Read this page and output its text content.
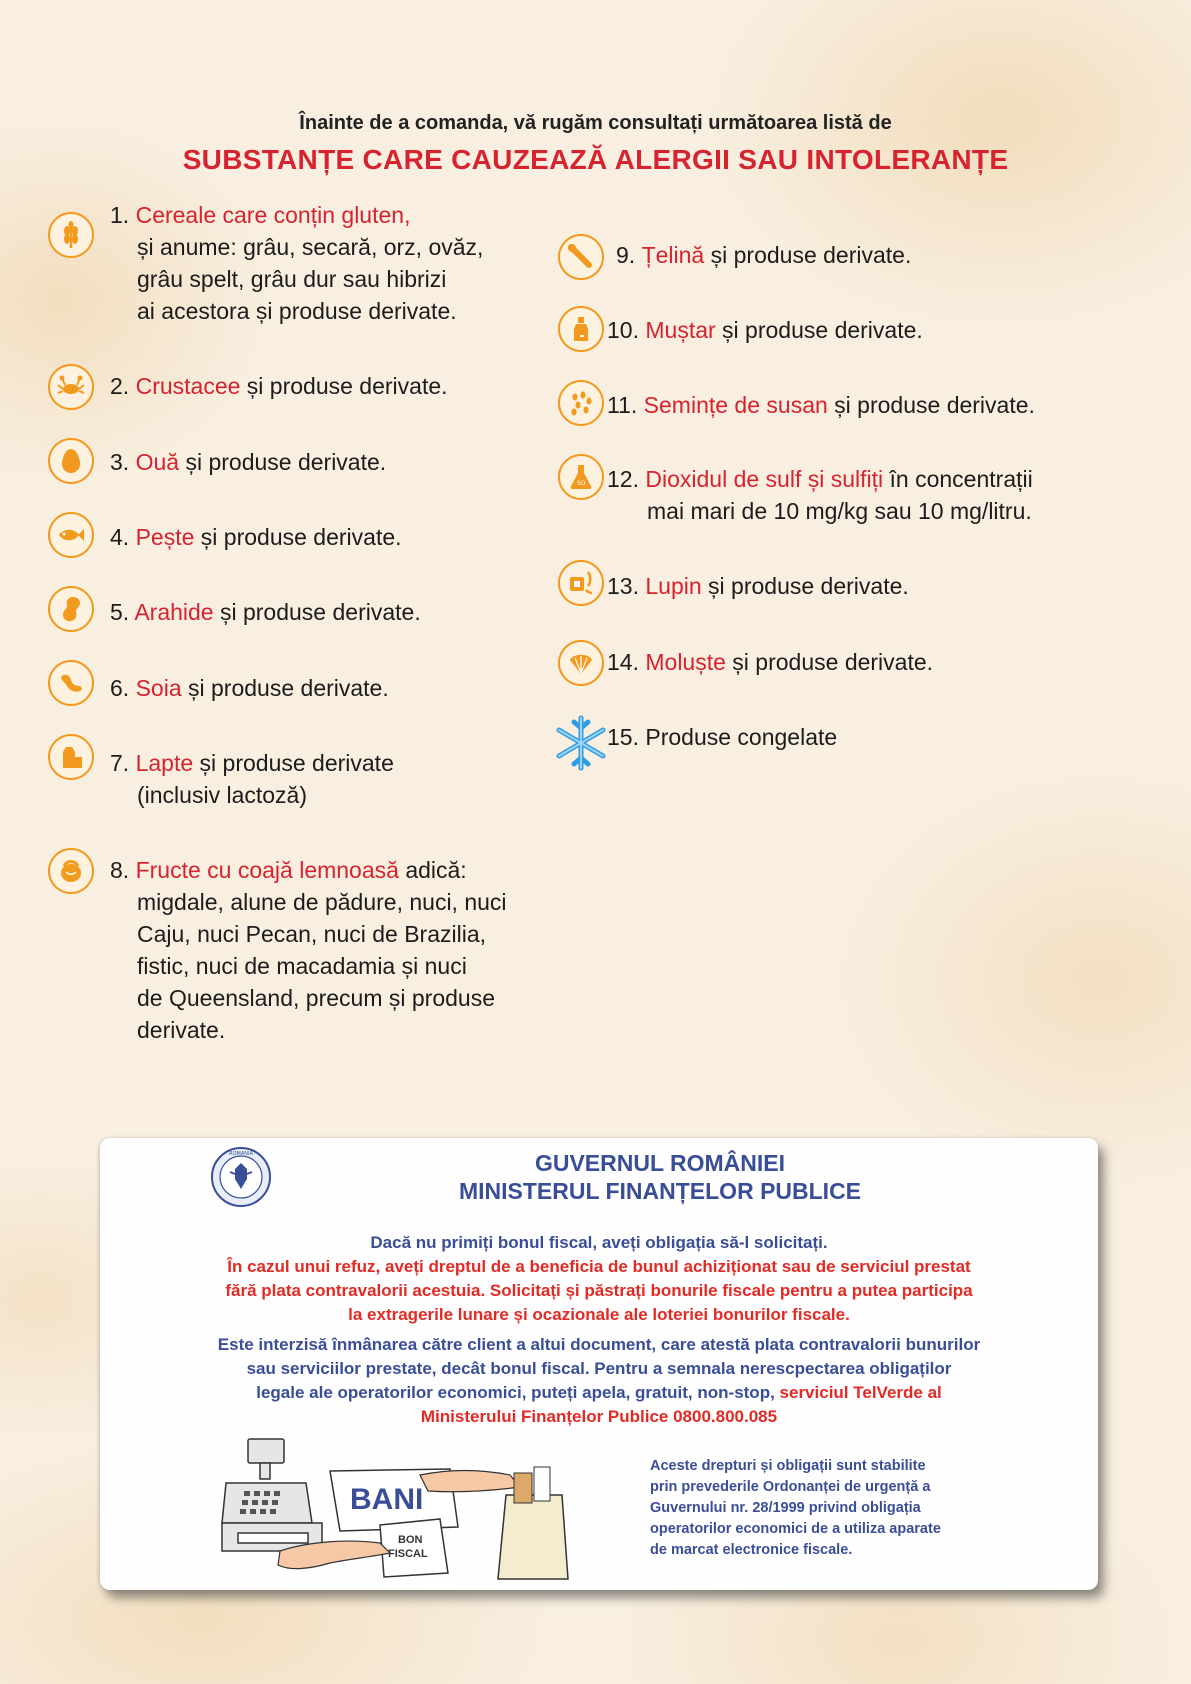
Înainte de a comanda, vă rugăm consultați următoarea listă de
SUBSTANȚE CARE CAUZEAZĂ ALERGII SAU INTOLERANȚE
1. Cereale care conțin gluten,
și anume: grâu, secară, orz, ovăz,
grâu spelt, grâu dur sau hibrizi
ai acestora și produse derivate.
2. Crustacee și produse derivate.
3. Ouă și produse derivate.
4. Pește și produse derivate.
5. Arahide și produse derivate.
6. Soia și produse derivate.
7. Lapte și produse derivate
(inclusiv lactoză)
8. Fructe cu coajă lemnoasă adică:
migdale, alune de pădure, nuci, nuci
Caju, nuci Pecan, nuci de Brazilia,
fistic, nuci de macadamia și nuci
de Queensland, precum și produse
derivate.
9. Țelină și produse derivate.
10. Muștar și produse derivate.
11. Semințe de susan și produse derivate.
SO 12. Dioxidul de sulf și sulfiți în concentrații
mai mari de 10 mg/kg sau 10 mg/litru.
13. Lupin și produse derivate.
14. Moluște și produse derivate.
15. Produse congelate
ROMANIA	GUVERNUL ROMÂNIEI
MINISTERUL FINANȚELOR PUBLICE
Dacă nu primiți bonul fiscal, aveți obligația să-l solicitați.
În cazul unui refuz, aveți dreptul de a beneficia de bunul achiziționat sau de serviciul prestat
fără plata contravalorii acestuia. Solicitați și păstrați bonurile fiscale pentru a putea participa
la extragerile lunare și ocazionale ale loteriei bonurilor fiscale.
Este interzisă înmânarea către client a altui document, care atestă plata contravalorii bunurilor
sau serviciilor prestate, decât bonul fiscal. Pentru a semnala nerescpectarea obligaților
legale ale operatorilor economici, puteți apela, gratuit, non-stop, serviciul TelVerde al
Ministerului Finanțelor Publice 0800.800.085
BANI
BON
FISCAL
Aceste drepturi și obligații sunt stabilite
prin prevederile Ordonanței de urgență a
Guvernului nr. 28/1999 privind obligația
operatorilor economici de a utiliza aparate
de marcat electronice fiscale.
